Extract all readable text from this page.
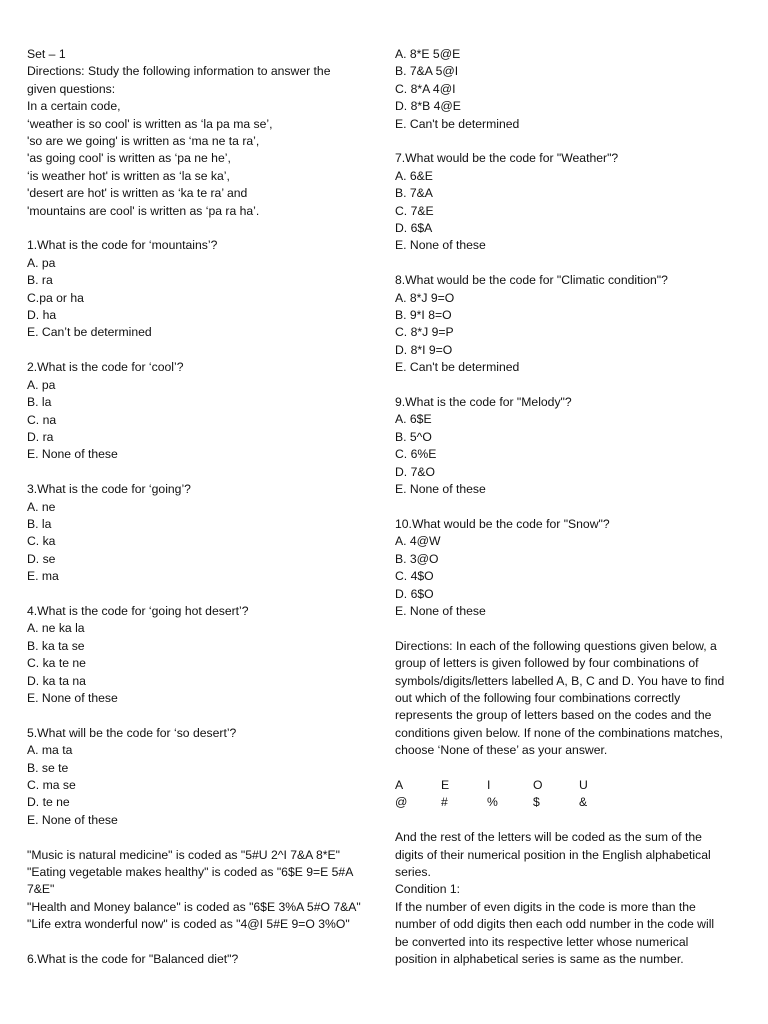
Set – 1
Directions: Study the following information to answer the
given questions:
In a certain code,
‘weather is so cool' is written as ‘la pa ma se’,
'so are we going' is written as ‘ma ne ta ra’,
'as going cool' is written as ‘pa ne he’,
‘is weather hot' is written as ‘la se ka’,
'desert are hot' is written as ‘ka te ra’ and
'mountains are cool' is written as ‘pa ra ha’.
1.What is the code for ‘mountains’?
A. pa
B. ra
C.pa or ha
D. ha
E. Can’t be determined
2.What is the code for ‘cool’?
A. pa
B. la
C. na
D. ra
E. None of these
3.What is the code for ‘going’?
A. ne
B. la
C. ka
D. se
E. ma
4.What is the code for ‘going hot desert’?
A. ne ka la
B. ka ta se
C. ka te ne
D. ka ta na
E. None of these
5.What will be the code for ‘so desert’?
A. ma ta
B. se te
C. ma se
D. te ne
E. None of these
"Music is natural medicine" is coded as "5#U 2^I 7&A 8*E"
"Eating vegetable makes healthy" is coded as "6$E 9=E 5#A
7&E"
"Health and Money balance" is coded as "6$E 3%A 5#O 7&A"
"Life extra wonderful now" is coded as "4@I 5#E 9=O 3%O"
6.What is the code for "Balanced diet"?
A. 8*E 5@E
B. 7&A 5@I
C. 8*A 4@I
D. 8*B 4@E
E. Can't be determined
7.What would be the code for "Weather"?
A. 6&E
B. 7&A
C. 7&E
D. 6$A
E. None of these
8.What would be the code for "Climatic condition"?
A. 8*J 9=O
B. 9*I 8=O
C. 8*J 9=P
D. 8*I 9=O
E. Can't be determined
9.What is the code for "Melody"?
A. 6$E
B. 5^O
C. 6%E
D. 7&O
E. None of these
10.What would be the code for "Snow"?
A. 4@W
B. 3@O
C. 4$O
D. 6$O
E. None of these
Directions: In each of the following questions given below, a
group of letters is given followed by four combinations of
symbols/digits/letters labelled A, B, C and D. You have to find
out which of the following four combinations correctly
represents the group of letters based on the codes and the
conditions given below. If none of the combinations matches,
choose ‘None of these’ as your answer.
A	E	I	O	U
@	#	%	$	&
And the rest of the letters will be coded as the sum of the
digits of their numerical position in the English alphabetical
series.
Condition 1:
If the number of even digits in the code is more than the
number of odd digits then each odd number in the code will
be converted into its respective letter whose numerical
position in alphabetical series is same as the number.
